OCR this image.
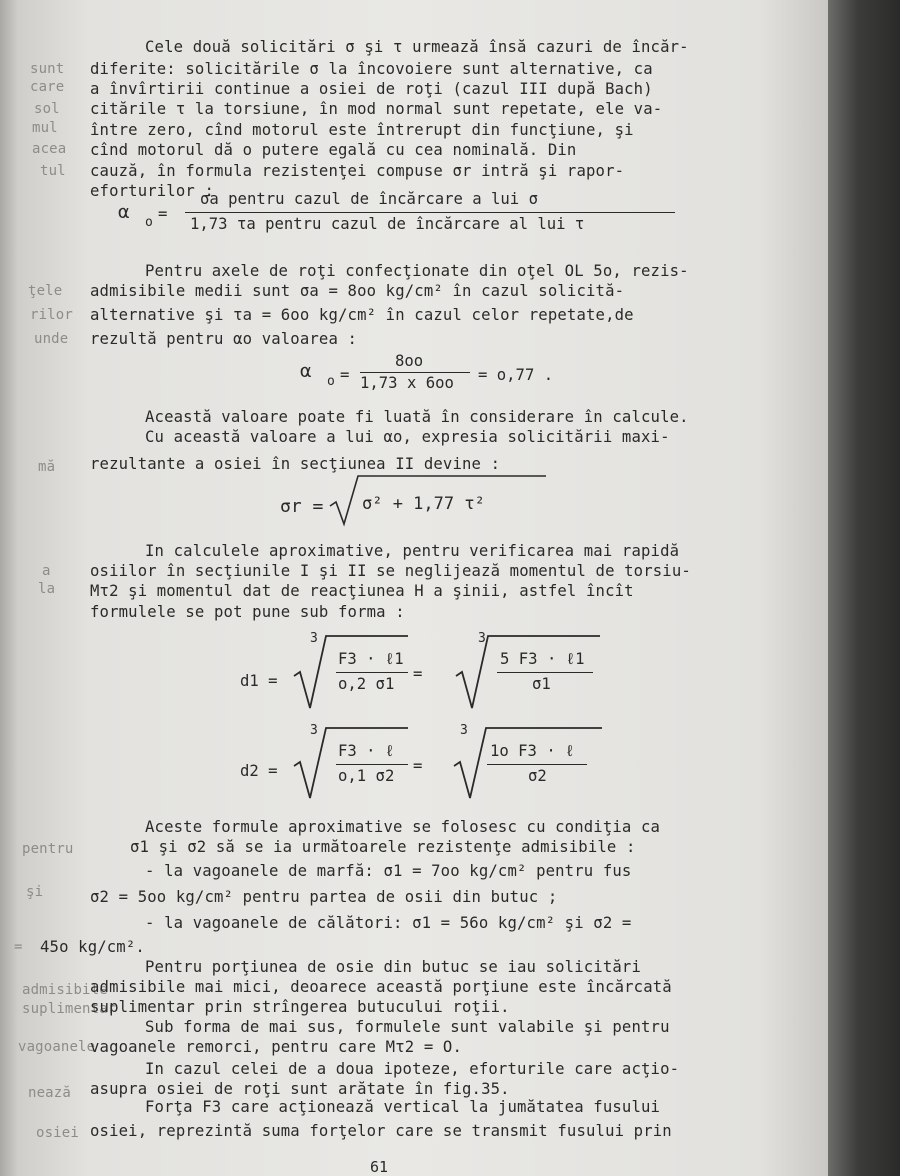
sunt
care
sol
mul
acea
tul
ţele
rilor
unde
mă
a
la
pentru
şi
=
admisibile
suplimentar
vagoanele
nează
osiei
Cele două solicitări σ şi τ urmează însă cazuri de încăr-
diferite: solicitările σ la încovoiere sunt alternative, ca
a învîrtirii continue a osiei de roţi (cazul III după Bach)
citările τ la torsiune, în mod normal sunt repetate, ele va-
între zero, cînd motorul este întrerupt din funcţiune, şi
cînd motorul dă o putere egală cu cea nominală. Din
cauză, în formula rezistenţei compuse σr intră şi rapor-
eforturilor :
α o =
σa pentru cazul de încărcare a lui σ
1,73 τa pentru cazul de încărcare al lui τ
Pentru axele de roţi confecţionate din oţel OL 5o, rezis-
admisibile medii sunt σa = 8oo kg/cm² în cazul solicită-
alternative şi τa = 6oo kg/cm² în cazul celor repetate,de
rezultă pentru αo valoarea :
α o =
8oo
1,73 x 6oo = o,77 .
Această valoare poate fi luată în considerare în calcule.
Cu această valoare a lui αo, expresia solicitării maxi-
rezultante a osiei în secţiunea II devine :
σr = σ² + 1,77 τ²
In calculele aproximative, pentru verificarea mai rapidă
osiilor în secţiunile I şi II se neglijează momentul de torsiu-
Mτ2 şi momentul dat de reacţiunea H a şinii, astfel încît
formulele se pot pune sub forma :
d1 =
3
F3 · ℓ1
o,2 σ1
=
3
5 F3 · ℓ1
σ1
d2 =
3
F3 · ℓ
o,1 σ2
=
3
1o F3 · ℓ
σ2
Aceste formule aproximative se folosesc cu condiţia ca
σ1 şi σ2 să se ia următoarele rezistenţe admisibile :
- la vagoanele de marfă: σ1 = 7oo kg/cm² pentru fus
σ2 = 5oo kg/cm² pentru partea de osii din butuc ;
- la vagoanele de călători: σ1 = 56o kg/cm² şi σ2 =
45o kg/cm².
Pentru porţiunea de osie din butuc se iau solicitări
admisibile mai mici, deoarece această porţiune este încărcată
suplimentar prin strîngerea butucului roţii.
Sub forma de mai sus, formulele sunt valabile şi pentru
vagoanele remorci, pentru care Mτ2 = O.
In cazul celei de a doua ipoteze, eforturile care acţio-
asupra osiei de roţi sunt arătate în fig.35.
Forţa F3 care acţionează vertical la jumătatea fusului
osiei, reprezintă suma forţelor care se transmit fusului prin
61
